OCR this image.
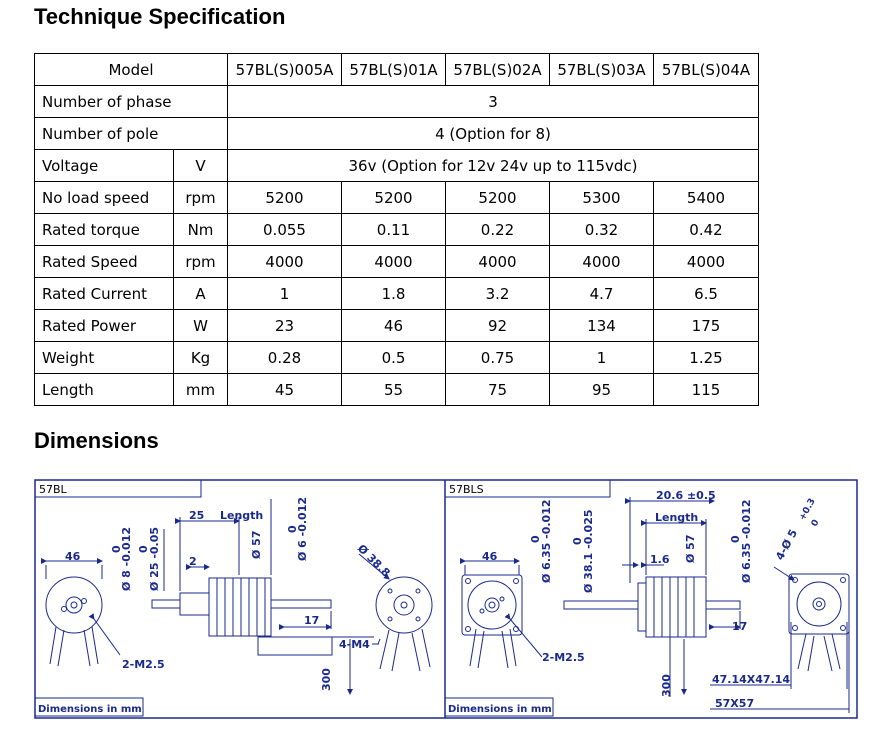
Technique Specification
Model		57BL(S)005A	57BL(S)01A	57BL(S)02A	57BL(S)03A	57BL(S)04A
Number of phase		3				
Number of pole		4 (Option for 8)				
Voltage	V	36v (Option for 12v 24v up to 115vdc)				
No load speed	rpm	5200	5200	5200	5300	5400
Rated torque	Nm	0.055	0.11	0.22	0.32	0.42
Rated Speed	rpm	4000	4000	4000	4000	4000
Rated Current	A	1	1.8	3.2	4.7	6.5
Rated Power	W	23	46	92	134	175
Weight	Kg	0.28	0.5	0.75	1	1.25
Length	mm	45	55	75	95	115
Dimensions
57BL
Dimensions in mm
46
25 Length
2
17
4-M4
2-M2.5
Ø 8 -0.012
0 Ø 25 -0.05
0	Ø 57	Ø 6 -0.012
0
Ø 38.8
300
57BLS
Dimensions in mm
46
20.6 ±0.5
Length
1.6
17
2-M2.5
47.14X47.14
57X57
Ø 6.35 -0.012
0	Ø 38.1 -0.025
0	Ø 57	Ø 6.35 -0.012
0	4-Ø 5
+0.3
0
300
